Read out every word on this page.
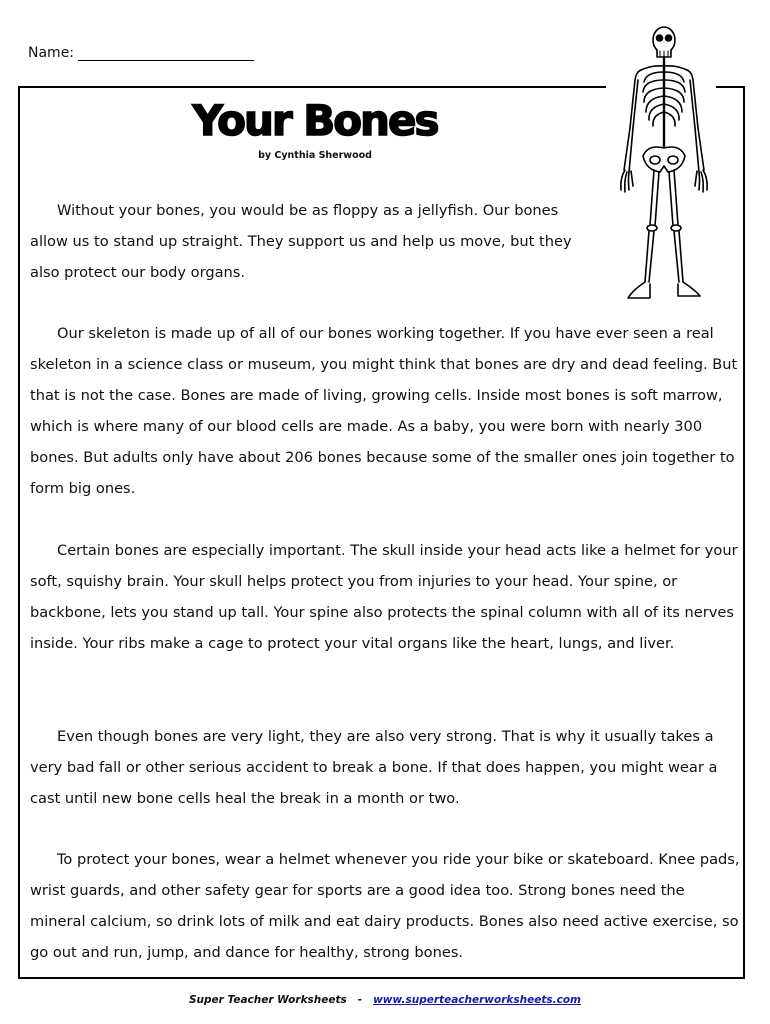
Name:
Your Bones
by Cynthia Sherwood

Without your bones, you would be as floppy as a jellyfish. Our bones allow us to stand up straight. They support us and help us move, but they also protect our body organs.

Our skeleton is made up of all of our bones working together. If you have ever seen a real skeleton in a science class or museum, you might think that bones are dry and dead feeling. But that is not the case. Bones are made of living, growing cells. Inside most bones is soft marrow, which is where many of our blood cells are made. As a baby, you were born with nearly 300 bones. But adults only have about 206 bones because some of the smaller ones join together to form big ones.

Certain bones are especially important. The skull inside your head acts like a helmet for your soft, squishy brain. Your skull helps protect you from injuries to your head. Your spine, or backbone, lets you stand up tall. Your spine also protects the spinal column with all of its nerves inside. Your ribs make a cage to protect your vital organs like the heart, lungs, and liver.

Even though bones are very light, they are also very strong. That is why it usually takes a very bad fall or other serious accident to break a bone. If that does happen, you might wear a cast until new bone cells heal the break in a month or two.

To protect your bones, wear a helmet whenever you ride your bike or skateboard. Knee pads, wrist guards, and other safety gear for sports are a good idea too. Strong bones need the mineral calcium, so drink lots of milk and eat dairy products. Bones also need active exercise, so go out and run, jump, and dance for healthy, strong bones.

Super Teacher Worksheets - www.superteacherworksheets.com
